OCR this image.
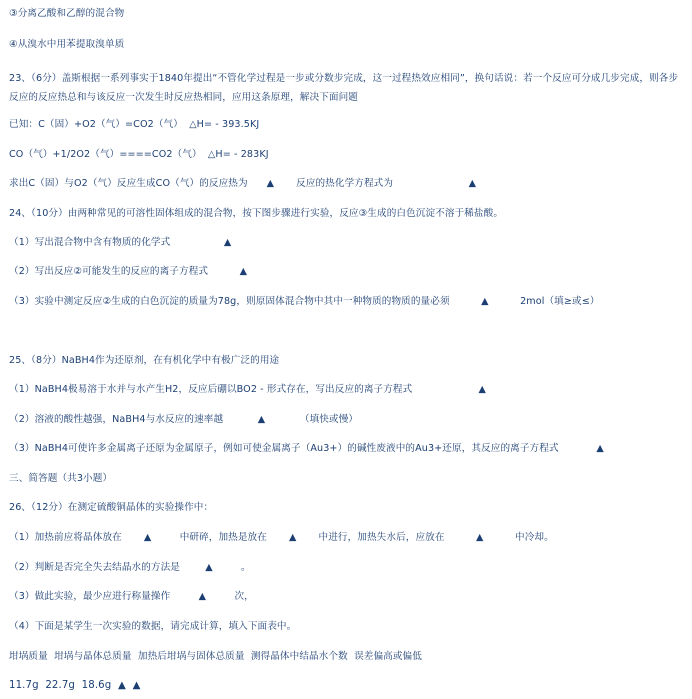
③分离乙酸和乙醇的混合物
④从溴水中用苯提取溴单质
23、（6分）盖斯根据一系列事实于1840年提出“不管化学过程是一步或分数步完成，这一过程热效应相同”，换句话说：若一个反应可分成几步完成，则各步反应的反应热总和与该反应一次发生时反应热相同，应用这条原理，解决下面问题
已知：C（固）+O2（气）=CO2（气）  △H= - 393.5KJ
CO（气）+1/2O2（气）====CO2（气）  △H= - 283KJ
求出C（固）与O2（气）反应生成CO（气）的反应热为      ▲       反应的热化学方程式为                        ▲
24、（10分）由两种常见的可溶性固体组成的混合物，按下图步骤进行实验，反应③生成的白色沉淀不溶于稀盐酸。
（1）写出混合物中含有物质的化学式                 ▲
（2）写出反应②可能发生的反应的离子方程式          ▲
（3）实验中测定反应②生成的白色沉淀的质量为78g，则原固体混合物中其中一种物质的物质的量必须          ▲          2mol（填≥或≤）
25、（8分）NaBH4作为还原剂，在有机化学中有极广泛的用途
（1）NaBH4极易溶于水并与水产生H2，反应后硼以BO2 - 形式存在，写出反应的离子方程式                     ▲
（2）溶液的酸性越强，NaBH4与水反应的速率越           ▲           （填快或慢）
（3）NaBH4可使许多金属离子还原为金属原子，例如可使金属离子（Au3+）的碱性废液中的Au3+还原，其反应的离子方程式            ▲
三、简答题（共3小题）
26、（12分）在测定硫酸铜晶体的实验操作中：
（1）加热前应将晶体放在       ▲         中研碎，加热是放在       ▲       中进行，加热失水后，应放在          ▲          中冷却。
（2）判断是否完全失去结晶水的方法是        ▲         。
（3）做此实验，最少应进行称量操作         ▲         次，
（4）下面是某学生一次实验的数据，请完成计算，填入下面表中。
坩埚质量  坩埚与晶体总质量  加热后坩埚与固体总质量  测得晶体中结晶水个数  误差偏高或偏低
11.7g  22.7g  18.6g  ▲  ▲
